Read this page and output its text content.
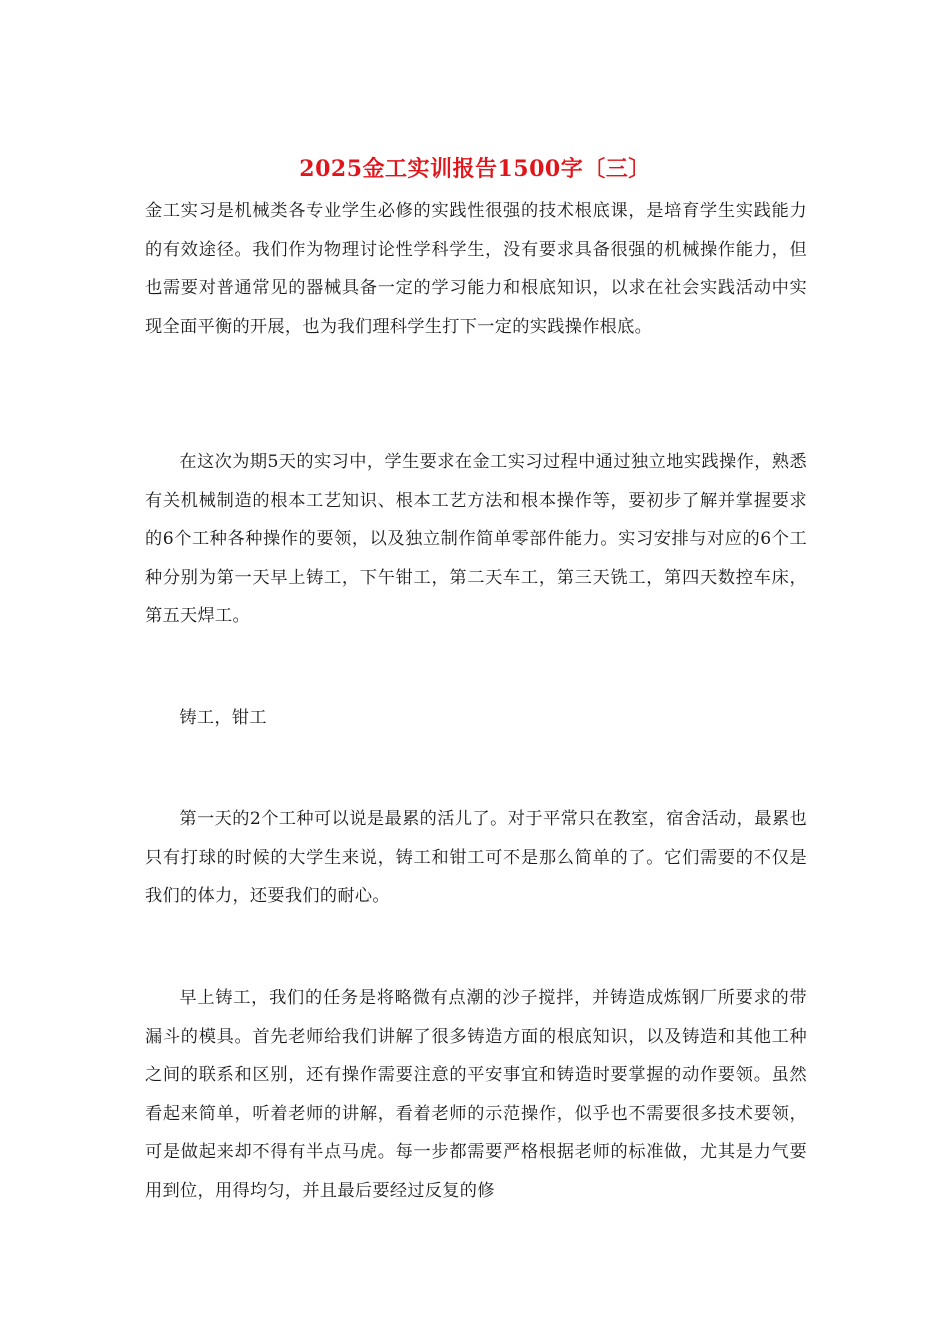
2025金工实训报告1500字〔三〕

金工实习是机械类各专业学生必修的实践性很强的技术根底课，是培育学生实践能力的有效途径。我们作为物理讨论性学科学生，没有要求具备很强的机械操作能力，但也需要对普通常见的器械具备一定的学习能力和根底知识，以求在社会实践活动中实现全面平衡的开展，也为我们理科学生打下一定的实践操作根底。

在这次为期5天的实习中，学生要求在金工实习过程中通过独立地实践操作，熟悉有关机械制造的根本工艺知识、根本工艺方法和根本操作等，要初步了解并掌握要求的6个工种各种操作的要领，以及独立制作简单零部件能力。实习安排与对应的6个工种分别为第一天早上铸工，下午钳工，第二天车工，第三天铣工，第四天数控车床，第五天焊工。

铸工，钳工

第一天的2个工种可以说是最累的活儿了。对于平常只在教室，宿舍活动，最累也只有打球的时候的大学生来说，铸工和钳工可不是那么简单的了。它们需要的不仅是我们的体力，还要我们的耐心。

早上铸工，我们的任务是将略微有点潮的沙子搅拌，并铸造成炼钢厂所要求的带漏斗的模具。首先老师给我们讲解了很多铸造方面的根底知识，以及铸造和其他工种之间的联系和区别，还有操作需要注意的平安事宜和铸造时要掌握的动作要领。虽然看起来简单，听着老师的讲解，看着老师的示范操作，似乎也不需要很多技术要领，可是做起来却不得有半点马虎。每一步都需要严格根据老师的标准做，尤其是力气要用到位，用得均匀，并且最后要经过反复的修
